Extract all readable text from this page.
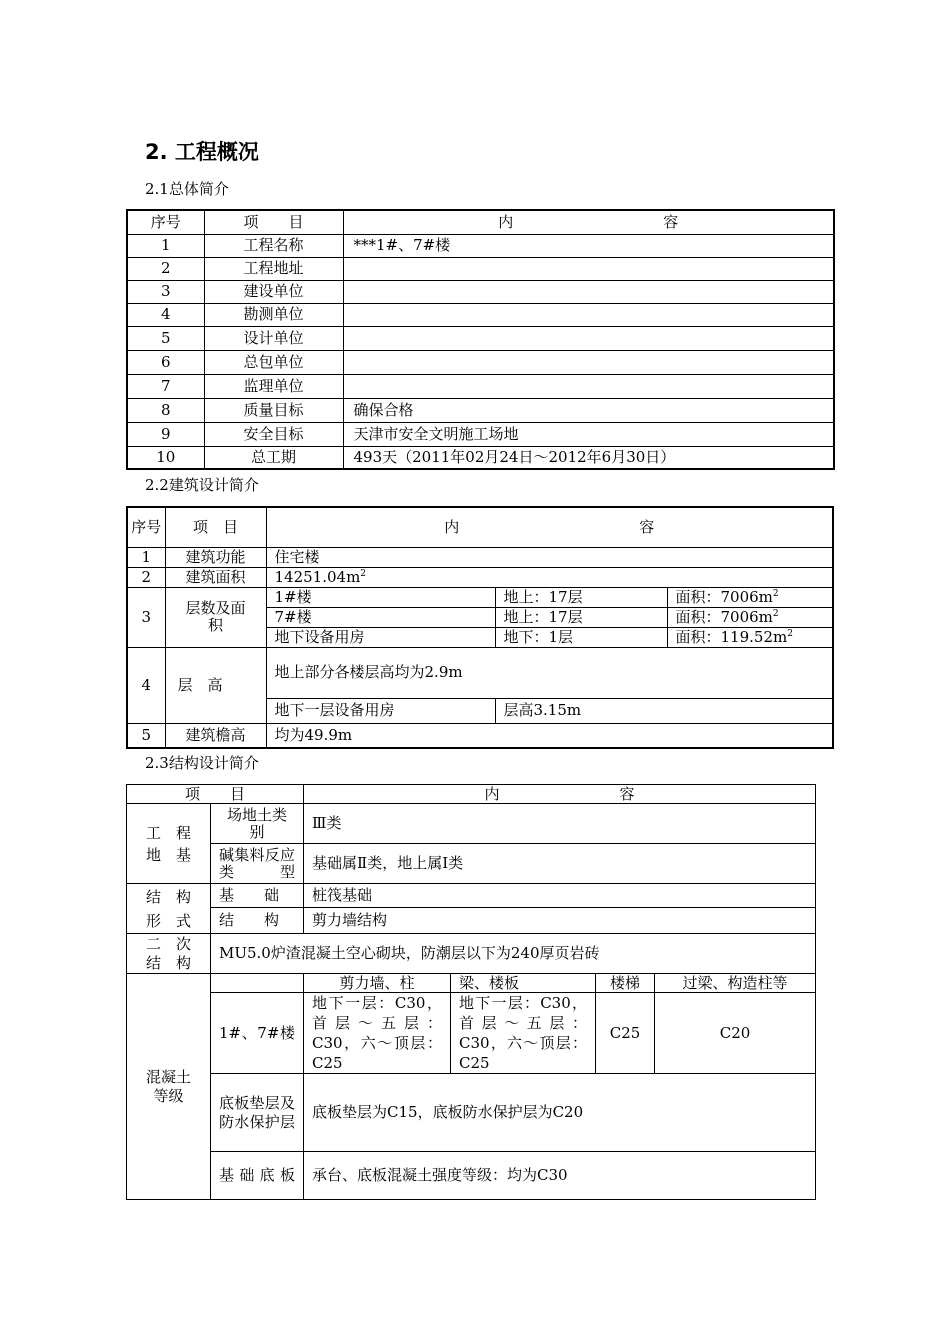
2. 工程概况
2.1总体简介
序号	项　　目	内　　　　　　　　　　容
1	工程名称	***1#、7#楼
2	工程地址	
3	建设单位	
4	勘测单位	
5	设计单位	
6	总包单位	
7	监理单位	
8	质量目标	确保合格
9	安全目标	天津市安全文明施工场地
10	总工期	493天（2011年02月24日～2012年6月30日）
2.2建筑设计简介
序号	项　目	内　　　　　　　　　　　　容		
1	建筑功能	住宅楼		
2	建筑面积	$14251.04m^2$
3	层数及面积	1#楼	地上：17层	面积：$7006m^2$
		7#楼	地上：17层	面积：$7006m^2$
		地下设备用房	地下：1层	面积：$119.52m^2$
4	层　高	地上部分各楼层高均为2.9m		
		地下一层设备用房	层高3.15m	
5	建筑檐高	均为49.9m		
2.3结构设计简介
项　　目		内　　　　　　　　容			
工　程地　基	场地土类别	Ⅲ类			
	碱集料反应类型	基础属Ⅱ类，地上属Ⅰ类			
结　构形　式	基　　础	桩筏基础			
	结　　构	剪力墙结构			
二　次结　构	MU5.0炉渣混凝土空心砌块，防潮层以下为240厚页岩砖				
混凝土等级		剪力墙、柱	梁、楼板	楼梯	过梁、构造柱等
	1#、7#楼	地下一层：C30，首层～五层：C30，六～顶层：C25	地下一层：C30，首层～五层：C30，六～顶层：C25	C25	C20
	底板垫层及防水保护层	底板垫层为C15，底板防水保护层为C20			
	基础底板	承台、底板混凝土强度等级：均为C30			
